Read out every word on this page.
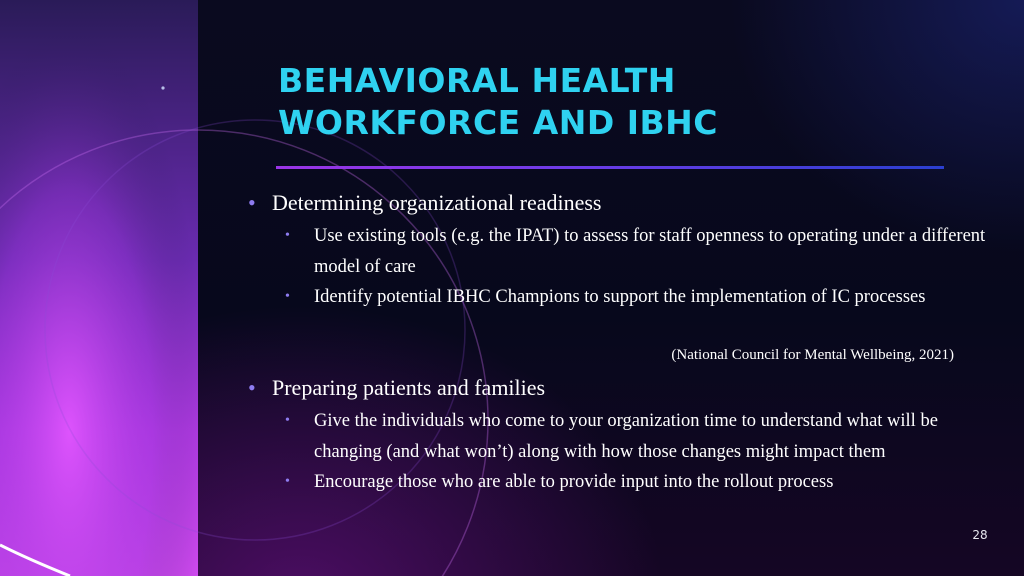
BEHAVIORAL HEALTH
WORKFORCE AND IBHC
• Determining organizational readiness
• Use existing tools (e.g. the IPAT) to assess for staff openness to operating under a different model of care
• Identify potential IBHC Champions to support the implementation of IC processes
(National Council for Mental Wellbeing, 2021)
• Preparing patients and families
• Give the individuals who come to your organization time to understand what will be changing (and what won’t) along with how those changes might impact them
• Encourage those who are able to provide input into the rollout process
28
